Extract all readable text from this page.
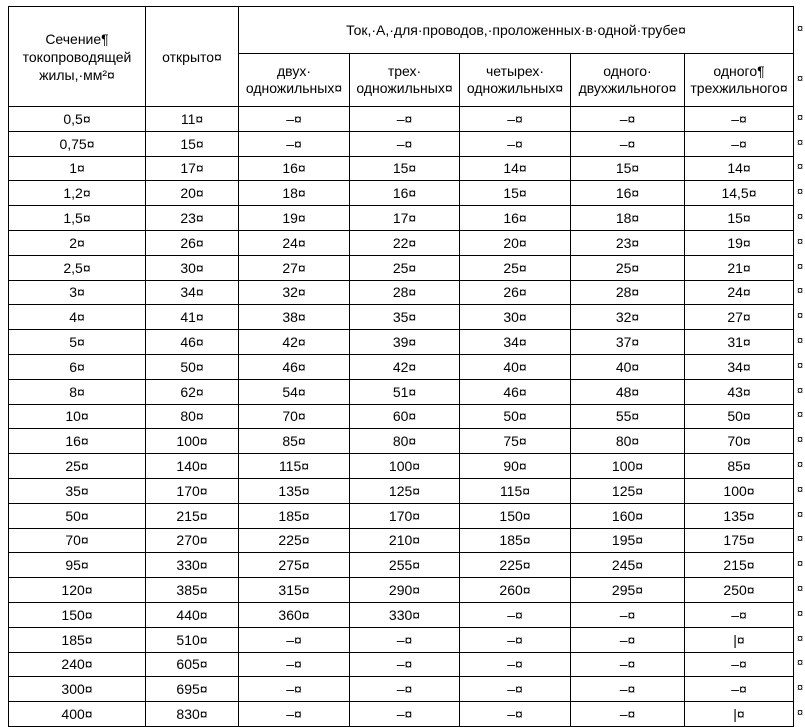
Сечение¶
токопроводящей
жилы,·мм²¤	открыто¤	Ток,·А,·для·проводов,·проложенных·в·одной·трубе¤				
		двух·
одножильных¤	трех·
одножильных¤	четырех·
одножильных¤	одного·
двухжильного¤	одного¶
трехжильного¤
0,5¤	11¤	–¤	–¤	–¤	–¤	–¤
0,75¤	15¤	–¤	–¤	–¤	–¤	–¤
1¤	17¤	16¤	15¤	14¤	15¤	14¤
1,2¤	20¤	18¤	16¤	15¤	16¤	14,5¤
1,5¤	23¤	19¤	17¤	16¤	18¤	15¤
2¤	26¤	24¤	22¤	20¤	23¤	19¤
2,5¤	30¤	27¤	25¤	25¤	25¤	21¤
3¤	34¤	32¤	28¤	26¤	28¤	24¤
4¤	41¤	38¤	35¤	30¤	32¤	27¤
5¤	46¤	42¤	39¤	34¤	37¤	31¤
6¤	50¤	46¤	42¤	40¤	40¤	34¤
8¤	62¤	54¤	51¤	46¤	48¤	43¤
10¤	80¤	70¤	60¤	50¤	55¤	50¤
16¤	100¤	85¤	80¤	75¤	80¤	70¤
25¤	140¤	115¤	100¤	90¤	100¤	85¤
35¤	170¤	135¤	125¤	115¤	125¤	100¤
50¤	215¤	185¤	170¤	150¤	160¤	135¤
70¤	270¤	225¤	210¤	185¤	195¤	175¤
95¤	330¤	275¤	255¤	225¤	245¤	215¤
120¤	385¤	315¤	290¤	260¤	295¤	250¤
150¤	440¤	360¤	330¤	–¤	–¤	–¤
185¤	510¤	–¤	–¤	–¤	–¤	|¤
240¤	605¤	–¤	–¤	–¤	–¤	–¤
300¤	695¤	–¤	–¤	–¤	–¤	–¤
400¤	830¤	–¤	–¤	–¤	–¤	|¤
¤
¤
¤
¤
¤
¤
¤
¤
¤
¤
¤
¤
¤
¤
¤
¤
¤
¤
¤
¤
¤
¤
¤
¤
¤
¤
¤
